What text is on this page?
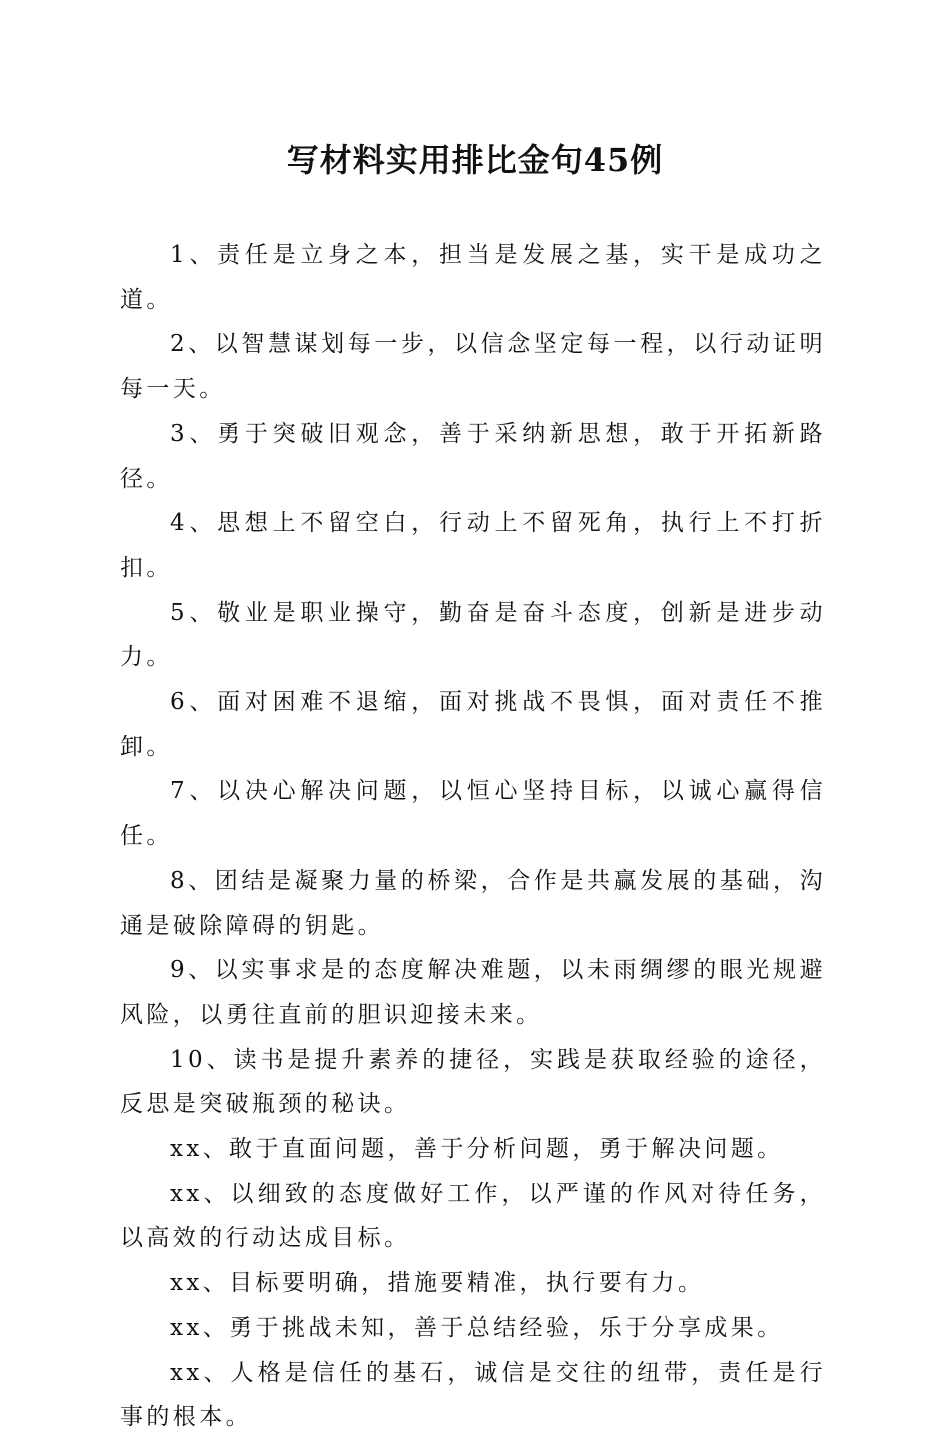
写材料实用排比金句45例

1、责任是立身之本，担当是发展之基，实干是成功之道。

2、以智慧谋划每一步，以信念坚定每一程，以行动证明每一天。

3、勇于突破旧观念，善于采纳新思想，敢于开拓新路径。

4、思想上不留空白，行动上不留死角，执行上不打折扣。

5、敬业是职业操守，勤奋是奋斗态度，创新是进步动力。

6、面对困难不退缩，面对挑战不畏惧，面对责任不推卸。

7、以决心解决问题，以恒心坚持目标，以诚心赢得信任。

8、团结是凝聚力量的桥梁，合作是共赢发展的基础，沟通是破除障碍的钥匙。

9、以实事求是的态度解决难题，以未雨绸缪的眼光规避风险，以勇往直前的胆识迎接未来。

10、读书是提升素养的捷径，实践是获取经验的途径，反思是突破瓶颈的秘诀。

xx、敢于直面问题，善于分析问题，勇于解决问题。

xx、以细致的态度做好工作，以严谨的作风对待任务，以高效的行动达成目标。

xx、目标要明确，措施要精准，执行要有力。

xx、勇于挑战未知，善于总结经验，乐于分享成果。

xx、人格是信任的基石，诚信是交往的纽带，责任是行事的根本。
